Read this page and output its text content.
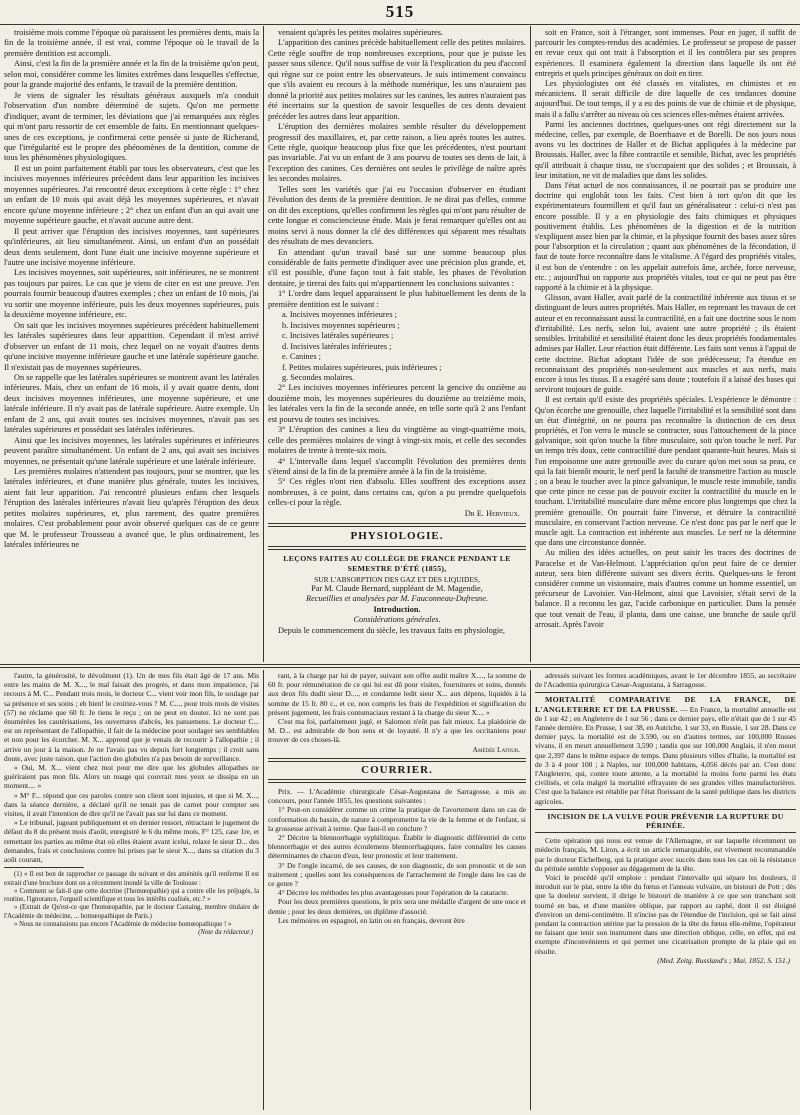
515

troisième mois comme l'époque où paraissent les premières dents, mais la fin de la troisième année, il est vrai, comme l'époque où le travail de la première dentition est accompli.

Ainsi, c'est la fin de la première année et la fin de la troisième qu'on peut, selon moi, considérer comme les limites extrêmes dans lesquelles s'effectue, pour la grande majorité des enfants, le travail de la première dentition.

Je viens de signaler les résultats généraux auxquels m'a conduit l'observation d'un nombre déterminé de sujets. Qu'on me permette d'indiquer, avant de terminer, les déviations que j'ai remarquées aux règles qui m'ont paru ressortir de cet ensemble de faits. En mentionnant quelques-unes de ces exceptions, je confirmerai cette pensée si juste de Richerand, que l'irrégularité est le propre des phénomènes de la dentition, comme de tous les phénomènes physiologiques.

Il est un point parfaitement établi par tous les observateurs, c'est que les incisives moyennes inférieures précèdent dans leur apparition les incisives moyennes supérieures. J'ai rencontré deux exceptions à cette règle : 1° chez un enfant de 10 mois qui avait déjà les moyennes supérieures, et n'avait encore qu'une moyenne inférieure ; 2° chez un enfant d'un an qui avait une moyenne supérieure gauche, et n'avait aucune autre dent.

Il peut arriver que l'éruption des incisives moyennes, tant supérieures qu'inférieures, ait lieu simultanément. Ainsi, un enfant d'un an possédait deux dents seulement, dont l'une était une incisive moyenne supérieure et l'autre une incisive moyenne inférieure.

Les incisives moyennes, soit supérieures, soit inférieures, ne se montrent pas toujours par paires. Le cas que je viens de citer en est une preuve. J'en pourrais fournir beaucoup d'autres exemples ; chez un enfant de 10 mois, j'ai vu sortir une moyenne inférieure, puis les deux moyennes supérieures, puis la deuxième moyenne inférieure, etc.

On sait que les incisives moyennes supérieures précèdent habituellement les latérales supérieures dans leur apparition. Cependant il m'est arrivé d'observer un enfant de 11 mois, chez lequel on ne voyait d'autres dents qu'une incisive moyenne inférieure gauche et une latérale supérieure gauche. Il n'existait pas de moyennes supérieures.

On se rappelle que les latérales supérieures se montrent avant les latérales inférieures. Mais, chez un enfant de 16 mois, il y avait quatre dents, dont deux incisives moyennes inférieures, une moyenne supérieure, et une latérale inférieure. Il n'y avait pas de latérale supérieure. Autre exemple. Un enfant de 2 ans, qui avait toutes ses incisives moyennes, n'avait pas ses latérales supérieures et possédait ses latérales inférieures.

Ainsi que les incisives moyennes, les latérales supérieures et inférieures peuvent paraître simultanément. Un enfant de 2 ans, qui avait ses incisives moyennes, ne présentait qu'une latérale supérieure et une latérale inférieure.

Les premières molaires n'attendent pas toujours, pour se montrer, que les latérales inférieures, et d'une manière plus générale, toutes les incisives, aient fait leur apparition. J'ai rencontré plusieurs enfans chez lesquels l'éruption des latérales inférieures n'avait lieu qu'après l'éruption des deux petites molaires supérieures, et, plus rarement, des quatre premières molaires. C'est probablement pour avoir observé quelques cas de ce genre que M. le professeur Trousseau a avancé que, le plus ordinairement, les latérales inférieures ne

venaient qu'après les petites molaires supérieures.

L'apparition des canines précède habituellement celle des petites molaires. Cette règle souffre de trop nombreuses exceptions, pour que je puisse les passer sous silence. Qu'il nous suffise de voir là l'explication du peu d'accord qui règne sur ce point entre les observateurs. Je suis intimement convaincu que s'ils avaient eu recours à la méthode numérique, les uns n'auraient pas donné la priorité aux petites molaires sur les canines, les autres n'auraient pas été incertains sur la question de savoir lesquelles de ces dents devaient précéder les autres dans leur apparition.

L'éruption des dernières molaires semble résulter du développement progressif des maxillaires, et, par cette raison, a lieu après toutes les autres. Cette règle, quoique beaucoup plus fixe que les précédentes, n'est pourtant pas invariable. J'ai vu un enfant de 3 ans pourvu de toutes ses dents de lait, à l'exception des canines. Ces dernières ont seules le privilège de naître après les secondes molaires.

Telles sont les variétés que j'ai eu l'occasion d'observer en étudiant l'évolution des dents de la première dentition. Je ne dirai pas d'elles, comme on dit des exceptions, qu'elles confirment les règles qui m'ont paru résulter de cette longue et consciencieuse étude. Mais je ferai remarquer qu'elles ont au moins servi à nous donner la clé des différences qui séparent mes résultats des résultats de mes devanciers.

En attendant qu'un travail basé sur une somme beaucoup plus considérable de faits permette d'indiquer avec une précision plus grande, et, s'il est possible, d'une façon tout à fait stable, les phases de l'évolution dentaire, je tirerai des faits qui m'appartiennent les conclusions suivantes :

1° L'ordre dans lequel apparaissent le plus habituellement les dents de la première dentition est le suivant :

a. Incisives moyennes inférieures ;
b. Incisives moyennes supérieures ;
c. Incisives latérales supérieures ;
d. Incisives latérales inférieures ;
e. Canines ;
f. Petites molaires supérieures, puis inférieures ;
g. Secondes molaires.

2° Les incisives moyennes inférieures percent la gencive du onzième au douzième mois, les moyennes supérieures du douzième au treizième mois, les latérales vers la fin de la seconde année, en telle sorte qu'à 2 ans l'enfant est pourvu de toutes ses incisives.

3° L'éruption des canines a lieu du vingtième au vingt-quatrième mois, celle des premières molaires de vingt à vingt-six mois, et celle des secondes molaires de trente à trente-six mois.

4° L'intervalle dans lequel s'accomplit l'évolution des premières dents s'étend ainsi de la fin de la première année à la fin de la troisième.

5° Ces règles n'ont rien d'absolu. Elles souffrent des exceptions assez nombreuses, à ce point, dans certains cas, qu'on a pu prendre quelquefois celles-ci pour la règle.

Dr E. Hervieux.

PHYSIOLOGIE.

LEÇONS FAITES AU COLLÈGE DE FRANCE PENDANT LE SEMESTRE D'ÉTÉ (1855),

SUR L'ABSORPTION DES GAZ ET DES LIQUIDES,

Par M. Claude Bernard, suppléant de M. Magendie,

Recueillies et analysées par M. Fauconneau-Dufresne.

Introduction.

Considérations générales.

Depuis le commencement du siècle, les travaux faits en physiologie,

soit en France, soit à l'étranger, sont immenses. Pour en juger, il suffit de parcourir les comptes-rendus des académies. Le professeur se propose de passer en revue ceux qui ont trait à l'absorption et il les contrôlera par ses propres expériences. Il examinera également la direction dans laquelle ils ont été entrepris et quels principes généraux on doit en tirer.

Les physiologistes ont été classés en vitalistes, en chimistes et en mécaniciens. Il serait difficile de dire laquelle de ces tendances domine aujourd'hui. De tout temps, il y a eu des points de vue de chimie et de physique, mais il a fallu s'arrêter au niveau où ces sciences elles-mêmes étaient arrivées.

Parmi les anciennes doctrines, quelques-unes ont régi directement sur la médecine, celles, par exemple, de Boerrhaave et de Borelli. De nos jours nous avons vu les doctrines de Haller et de Bichat appliquées à la médecine par Broussais. Haller, avec la fibre contractile et sensible, Bichat, avec les propriétés qu'il attribuait à chaque tissu, ne s'occupaient que des solides ; et Broussais, à leur imitation, ne vit de maladies que dans les solides.

Dans l'état actuel de nos connaissances, il ne pourrait pas se produire une doctrine qui englobât tous les faits. C'est bien à tort qu'on dit que les expérimentateurs fourmillent et qu'il faut un généralisateur : celui-ci n'est pas encore possible. Il y a en physiologie des faits chimiques et physiques positivement établis. Les phénomènes de la digestion et de la nutrition s'expliquent assez bien par la chimie, et la physique fournit des bases assez sûres pour l'absorption et la circulation ; quant aux phénomènes de la fécondation, il faut de toute force reconnaître dans le vitalisme. A l'égard des propriétés vitales, il est bon de s'entendre : on les appelait autrefois âme, archée, force nerveuse, etc. ; aujourd'hui on rapporte aux propriétés vitales, tout ce qui ne peut pas être rapporté à la chimie et à la physique.

Glisson, avant Haller, avait parlé de la contractilité inhérente aux tissus et se distinguant de leurs autres propriétés. Mais Haller, en reprenant les travaux de cet auteur et en reconnaissant aussi la contractilité, en a fait une doctrine sous le nom d'irritabilité. Les nerfs, selon lui, avaient une autre propriété ; ils étaient sensibles. Irritabilité et sensibilité étaient donc les deux propriétés fondamentales admises par Haller. Leur réaction était différente. Les faits sont venus à l'appui de cette doctrine. Bichat adoptant l'idée de son prédécesseur, l'a étendue en reconnaissant des propriétés non-seulement aux muscles et aux nerfs, mais encore à tous les tissus. Il a exagéré sans doute ; toutefois il a laissé des bases qui serviront toujours de guide.

Il est certain qu'il existe des propriétés spéciales. L'expérience le démontre : Qu'on écorche une grenouille, chez laquelle l'irritabilité et la sensibilité sont dans un état d'intégrité, on ne pourra pas reconnaître la distinction de ces deux propriétés, et l'on verra le muscle se contracter, sous l'attouchement de la pince galvanique, soit qu'on touche la fibre musculaire, soit qu'on touche le nerf. Par un temps très doux, cette contractilité dure pendant quarante-huit heures. Mais si l'on empoisonne une autre grenouille avec du curare qu'on met sous sa peau, ce qui la fait bientôt mourir, le nerf perd la faculté de transmettre l'action au muscle ; on a beau le toucher avec la pince galvanique, le muscle reste immobile, tandis que cette pince ne cesse pas de pouvoir exciter la contractilité du muscle en le touchant. L'irritabilité musculaire dure même encore plus longtemps que chez la première grenouille. On pourrait faire l'inverse, et détruire la contractilité musculaire, en conservant l'action nerveuse. Ce n'est donc pas par le nerf que le muscle agit. La contraction est inhérente aux muscles. Le nerf ne la détermine que dans une circonstance donnée.

Au milieu des idées actuelles, on peut saisir les traces des doctrines de Paracelse et de Van-Helmont. L'appréciation qu'on peut faire de ce dernier auteur, sera bien différente suivant ses divers écrits. Quelques-uns le feront considérer comme un visionnaire, mais d'autres comme un homme essentiel, un précurseur de Lavoisier. Van-Helmont, ainsi que Lavoisier, s'était servi de la balance. Il a reconnu les gaz, l'acide carbonique en particulier. Dans la pensée que tout venait de l'eau, il planta, dans une caisse, une branche de saule qu'il arrosait. Après l'avoir

l'autre, la générosité, le dévoûment (1). Un de mes fils était âgé de 17 ans. Mis entre les mains de M. X..., le mal faisait des progrès, et dans mon impatience, j'ai recours à M. C... Pendant trois mois, le docteur C... vient voir mon fils, le soulage par sa présence et ses soins ; eh bien! le croiriez-vous ? M. C..., pour trois mois de visites (57) ne réclame que 60 fr. Je tiens le reçu ; on ne peut en douter. Ici ne sont pas énumérées les cautérisations, les ouvertures d'abcès, les pansemens. Le docteur C... est un représentant de l'allopathie, il fait de la médecine pour soulager ses semblables et non pour les écorcher. M. X... apprend que je venais de recourir à l'allopathie ; il arrive un jour à la maison. Je ne l'avais pas vu depuis fort longtemps ; il croit sans doute, avec juste raison, que l'action des globules n'a pas besoin de surveillance.

» Oui, M. X... vient chez moi pour me dire que les globules allopathes ne guériraient pas mon fils. Alors un nuage qui couvrait mes yeux se dissipa en un moment.... »

» M° F... répond que ces paroles contre son client sont injustes, et que si M. X..., dans la séance dernière, a déclaré qu'il ne tenait pas de carnet pour compter ses visites, il avait l'intention de dire qu'il ne l'avait pas sur lui dans ce moment.

» Le tribunal, jugeant publiquement et en dernier ressort, rétractant le jugement de défaut du 8 du présent mois d'août, enregistré le 6 du même mois, F° 125, case 1re, et remettant les parties au même état où elles étaient avant icelui, relaxe le sieur D... des demandes, frais et conclusions contre lui prises par le sieur X..., dans sa citation du 3 août courant,

(1) « Il est bon de rapprocher ce passage du suivant et des aménités qu'il renferme Il est extrait d'une brochure dont on a récemment inondé la ville de Toulouse :

« Comment se fait-il que cette doctrine (l'homœopathie) qui a contre elle les préjugés, la routine, l'ignorance, l'orgueil scientifique et tous les intérêts coalisés, etc.? »

» (Extrait de Qu'est-ce que l'homœopathie, par le docteur Castaing, membre titulaire de l'Académie de médecine, ... homœopathique de Paris.)

» Nous ne connaissions pas encore l'Académie de médecine homœopathique ! »

(Note du rédacteur.)

rant, à la charge par lui de payer, suivant son offre audit maître X...., la somme de 60 fr. pour rémunération de ce qui lui est dû pour visites, fournitures et soins, donnés aux deux fils dudit sieur D...., et condamne ledit sieur X... aux dépens, liquidés à la somme de 15 fr. 80 c., et ce, non compris les frais de l'expédition et signification du présent jugement, les frais contumaciaux restant à la charge du sieur X.... »

C'est ma foi, parfaitement jugé, et Salomon n'eût pas fait mieux. La plaidoirie de M. D... est admirable de bon sens et de loyauté. Il n'y a que les occitaniens pour trouver de ces choses-là.

Amédée Latour.

COURRIER.

Prix. — L'Académie chirurgicale César-Augustana de Sarragosse, a mis au concours, pour l'année 1855, les questions suivantes :

1° Peut-on considérer comme un crime la pratique de l'avortement dans un cas de conformation du bassin, de nature à compromettre la vie de la femme et de l'enfant, si la grossesse arrivait à terme. Que faut-il en conclure ?

2° Décrire la blennorrhagie syphilitique. Établir le diagnostic différentiel de cette blennorrhagie et des autres écoulemens blennorrhagiques, faire connaître les causes déterminantes de chacun d'eux, leur pronostic et leur traitement.

3° De l'ongle incarné, de ses causes, de son diagnostic, de son pronostic et de son traitement ; quelles sont les conséquences de l'arrachement de l'ongle dans les cas de ce genre ?

4° Décrire les méthodes les plus avantageuses pour l'opération de la cataracte.

Pour les deux premières questions, le prix sera une médaille d'argent de une once et demie ; pour les deux dernières, un diplôme d'associé.

Les mémoires en espagnol, en latin ou en français, devront être

adressés suivant les formes académiques, avant le 1er décembre 1855, au secrétaire de l'Academia quirurgica Cæsar-Augustana, à Sarragosse.

MORTALITÉ COMPARATIVE DE LA FRANCE, DE L'ANGLETERRE ET DE LA PRUSSE. — En France, la mortalité annuelle est de 1 sur 42 ; en Angleterre de 1 sur 56 ; dans ce dernier pays, elle n'était que de 1 sur 45 l'année dernière. En Prusse, 1 sur 38, en Autriche, 1 sur 33, en Russie, 1 sur 28. Dans ce dernier pays, la mortalité est de 3.590, ou en d'autres termes, sur 100,000 Russes vivans, il en meurt annuellement 3,590 ; tandis que sur 100,000 Anglais, il n'en meurt que 2,397 dans le même espace de temps. Dans plusieurs villes d'Italie, la mortalité est de 3 à 4 pour 100 ; à Naples, sur 100,000 habitans, 4,056 décès par an. C'est donc l'Angleterre, qui, contre toute attente, a la mortalité la moins forte parmi les états civilisés, et cela malgré la mortalité effrayante de ses grandes villes manufacturières. C'est que la balance est rétablie par l'état florissant de la santé publique dans les districts agricoles.

INCISION DE LA VULVE POUR PRÉVENIR LA RUPTURE DU PÉRINÉE.

Cette opération qui nous est venue de l'Allemagne, et sur laquelle récemment un médecin français, M. Liron, a écrit un article remarquable, est vivement recommandée par le docteur Eichelberg, qui la pratique avec succès dans tous les cas où la résistance du périnée semble s'opposer au dégagement de la tête.

Voici le procédé qu'il emploie : pendant l'intervalle qui sépare les douleurs, il introduit sur le plat, entre la tête du fœtus et l'anneau vulvaire, un bistouri de Pott ; dès que la douleur survient, il dirige le bistouri de manière à ce que son tranchant soit tourné en bas, et d'une manière oblique, par rapport au raphé, dont il est éloigné d'environ un demi-centimètre. Il n'incise pas de l'étendue de l'incision, qui se fait ainsi pendant la contraction utérine par la pression de la tête du fœtus elle-même, l'opérateur ne faisant que tenir son instrument dans une direction oblique, celle, en effet, qui est exempte d'inconvénients et qui permet une cicatrisation prompte de la plaie qui en résulte.

(Med. Zeitg. Russland's ; Mai, 1852, S. 151.)
